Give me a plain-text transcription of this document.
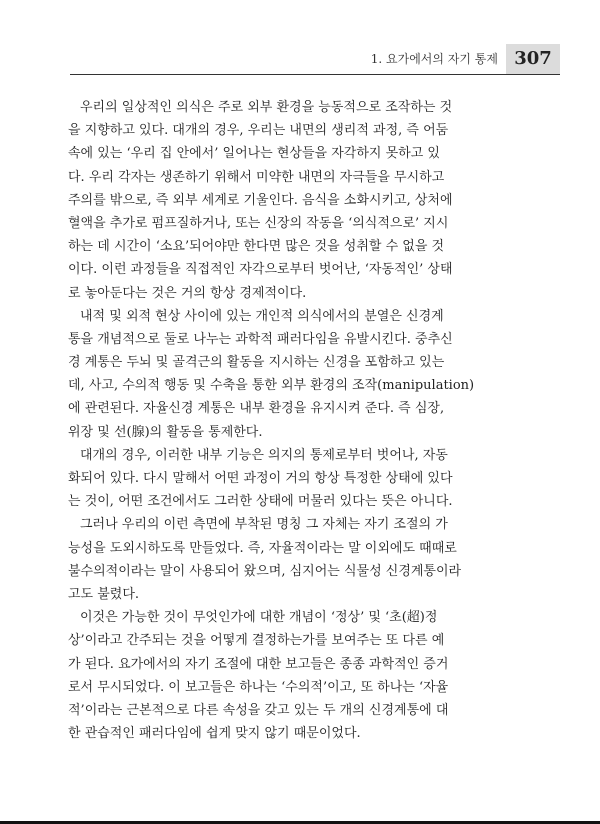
1. 요가에서의 자기 통제 307
우리의 일상적인 의식은 주로 외부 환경을 능동적으로 조작하는 것
을 지향하고 있다. 대개의 경우, 우리는 내면의 생리적 과정, 즉 어둠
속에 있는 ‘우리 집 안에서’ 일어나는 현상들을 자각하지 못하고 있
다. 우리 각자는 생존하기 위해서 미약한 내면의 자극들을 무시하고
주의를 밖으로, 즉 외부 세계로 기울인다. 음식을 소화시키고, 상처에
혈액을 추가로 펌프질하거나, 또는 신장의 작동을 ‘의식적으로’ 지시
하는 데 시간이 ‘소요’되어야만 한다면 많은 것을 성취할 수 없을 것
이다. 이런 과정들을 직접적인 자각으로부터 벗어난, ‘자동적인’ 상태
로 놓아둔다는 것은 거의 항상 경제적이다.
내적 및 외적 현상 사이에 있는 개인적 의식에서의 분열은 신경계
통을 개념적으로 둘로 나누는 과학적 패러다임을 유발시킨다. 중추신
경 계통은 두뇌 및 골격근의 활동을 지시하는 신경을 포함하고 있는
데, 사고, 수의적 행동 및 수축을 통한 외부 환경의 조작(manipulation)
에 관련된다. 자율신경 계통은 내부 환경을 유지시켜 준다. 즉 심장,
위장 및 선(腺)의 활동을 통제한다.
대개의 경우, 이러한 내부 기능은 의지의 통제로부터 벗어나, 자동
화되어 있다. 다시 말해서 어떤 과정이 거의 항상 특정한 상태에 있다
는 것이, 어떤 조건에서도 그러한 상태에 머물러 있다는 뜻은 아니다.
그러나 우리의 이런 측면에 부착된 명칭 그 자체는 자기 조절의 가
능성을 도외시하도록 만들었다. 즉, 자율적이라는 말 이외에도 때때로
불수의적이라는 말이 사용되어 왔으며, 심지어는 식물성 신경계통이라
고도 불렸다.
이것은 가능한 것이 무엇인가에 대한 개념이 ‘정상’ 및 ‘초(超)정
상’이라고 간주되는 것을 어떻게 결정하는가를 보여주는 또 다른 예
가 된다. 요가에서의 자기 조절에 대한 보고들은 종종 과학적인 증거
로서 무시되었다. 이 보고들은 하나는 ‘수의적’이고, 또 하나는 ‘자율
적’이라는 근본적으로 다른 속성을 갖고 있는 두 개의 신경계통에 대
한 관습적인 패러다임에 쉽게 맞지 않기 때문이었다.
